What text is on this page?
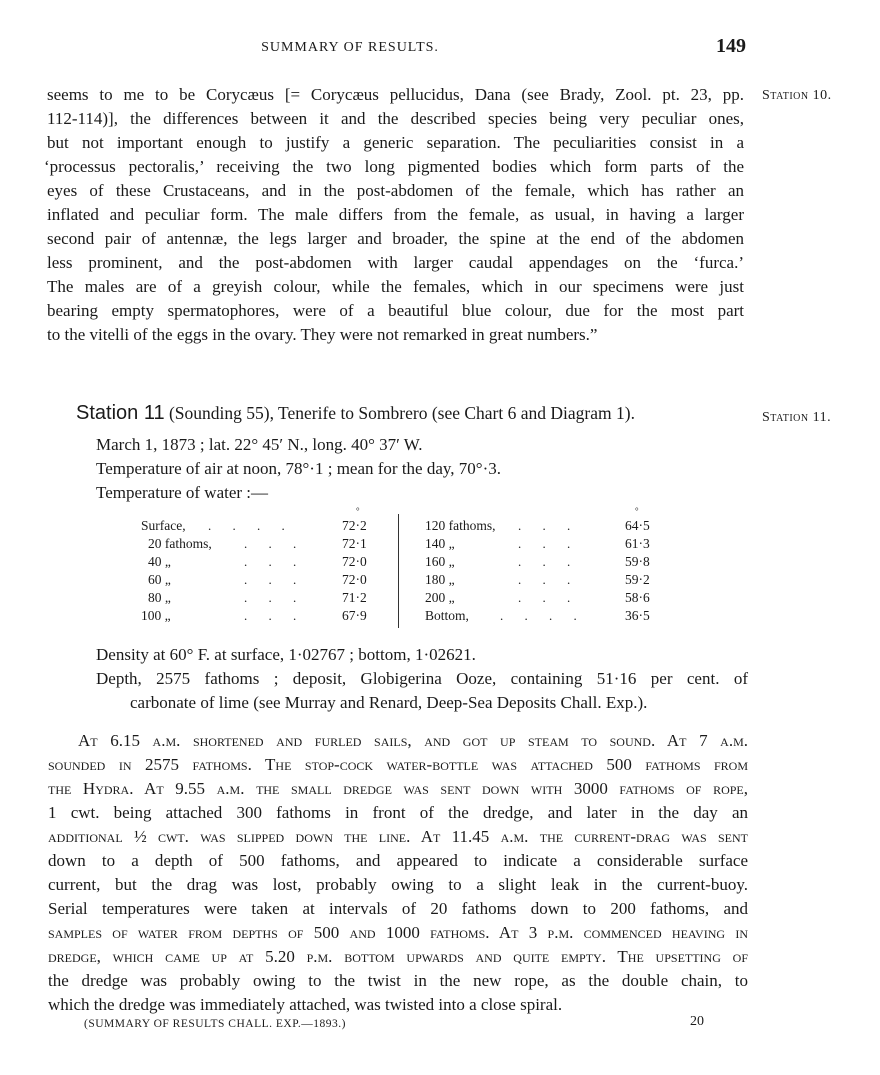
SUMMARY OF RESULTS.	149
Station 10.
Station 11.
seems to me to be Corycæus [= Corycæus pellucidus, Dana (see Brady, Zool. pt. 23, pp.
112-114)], the differences between it and the described species being very peculiar ones,
but not important enough to justify a generic separation. The peculiarities consist in a
‘processus pectoralis,’ receiving the two long pigmented bodies which form parts of the
eyes of these Crustaceans, and in the post-abdomen of the female, which has rather an
inflated and peculiar form. The male differs from the female, as usual, in having a larger
second pair of antennæ, the legs larger and broader, the spine at the end of the abdomen
less prominent, and the post-abdomen with larger caudal appendages on the ‘furca.’
The males are of a greyish colour, while the females, which in our specimens were just
bearing empty spermatophores, were of a beautiful blue colour, due for the most part
to the vitelli of the eggs in the ovary. They were not remarked in great numbers.”
Station 11 (Sounding 55), Tenerife to Sombrero (see Chart 6 and Diagram 1).
March 1, 1873 ; lat. 22° 45′ N., long. 40° 37′ W.
Temperature of air at noon, 78°·1 ; mean for the day, 70°·3.
Temperature of water :—
°	°
Surface, . . . .	72·2
20 fathoms, . . .	72·1
40 „	. . .	72·0
60 „	. . .	72·0
80 „	. . .	71·2
100 „	. . .	67·9
120 fathoms, . . .	64·5
140 „	. . .	61·3
160 „	. . .	59·8
180 „	. . .	59·2
200 „	. . .	58·6
Bottom, . . . .	36·5
Density at 60° F. at surface, 1·02767 ; bottom, 1·02621.
Depth, 2575 fathoms ; deposit, Globigerina Ooze, containing 51·16 per cent. of
carbonate of lime (see Murray and Renard, Deep-Sea Deposits Chall. Exp.).
At 6.15 a.m. shortened and furled sails, and got up steam to sound. At 7 a.m.
sounded in 2575 fathoms. The stop-cock water-bottle was attached 500 fathoms from
the Hydra. At 9.55 a.m. the small dredge was sent down with 3000 fathoms of rope,
1 cwt. being attached 300 fathoms in front of the dredge, and later in the day an
additional ½ cwt. was slipped down the line. At 11.45 a.m. the current-drag was sent
down to a depth of 500 fathoms, and appeared to indicate a considerable surface
current, but the drag was lost, probably owing to a slight leak in the current-buoy.
Serial temperatures were taken at intervals of 20 fathoms down to 200 fathoms, and
samples of water from depths of 500 and 1000 fathoms. At 3 p.m. commenced heaving in
dredge, which came up at 5.20 p.m. bottom upwards and quite empty. The upsetting of
the dredge was probably owing to the twist in the new rope, as the double chain, to
which the dredge was immediately attached, was twisted into a close spiral.
(SUMMARY OF RESULTS CHALL. EXP.—1893.)	20
